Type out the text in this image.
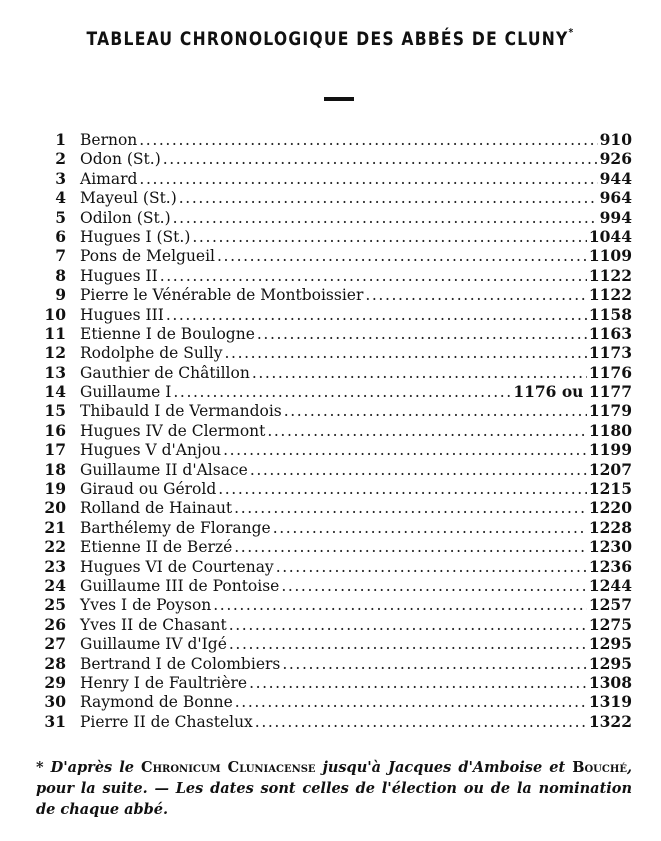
TABLEAU CHRONOLOGIQUE DES ABBÉS DE CLUNY*
1 Bernon .....	910
2 Odon (St.) .....	926
3 Aimard .....	944
4 Mayeul (St.) .....	964
5 Odilon (St.) .....	994
6 Hugues I (St.) .....	1044
7 Pons de Melgueil .....	1109
8 Hugues II .....	1122
9 Pierre le Vénérable de Montboissier .....	1122
10 Hugues III .....	1158
11 Etienne I de Boulogne .....	1163
12 Rodolphe de Sully .....	1173
13 Gauthier de Châtillon .....	1176
14 Guillaume I .....	1176 ou 1177
15 Thibauld I de Vermandois .....	1179
16 Hugues IV de Clermont .....	1180
17 Hugues V d'Anjou .....	1199
18 Guillaume II d'Alsace .....	1207
19 Giraud ou Gérold .....	1215
20 Rolland de Hainaut .....	1220
21 Barthélemy de Florange .....	1228
22 Etienne II de Berzé .....	1230
23 Hugues VI de Courtenay .....	1236
24 Guillaume III de Pontoise .....	1244
25 Yves I de Poyson .....	1257
26 Yves II de Chasant .....	1275
27 Guillaume IV d'Igé .....	1295
28 Bertrand I de Colombiers .....	1295
29 Henry I de Faultrière .....	1308
30 Raymond de Bonne .....	1319
31 Pierre II de Chastelux .....	1322
* D'après le Chronicum Cluniacense jusqu'à Jacques d'Amboise et Bouché, pour la suite. — Les dates sont celles de l'élection ou de la nomination de chaque abbé.
